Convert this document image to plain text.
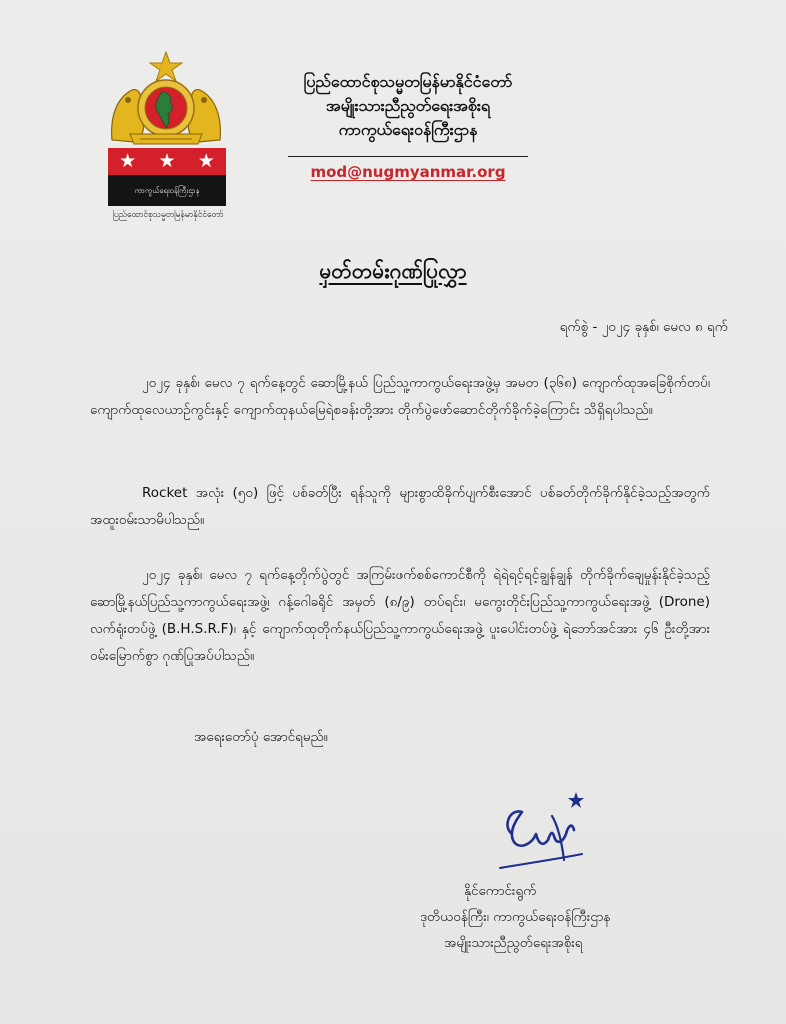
★ ★ ★
ကာကွယ်ရေးဝန်ကြီးဌာန
ပြည်ထောင်စုသမ္မတမြန်မာနိုင်ငံတော်
ပြည်ထောင်စုသမ္မတမြန်မာနိုင်ငံတော်
အမျိုးသားညီညွတ်ရေးအစိုးရ
ကာကွယ်ရေးဝန်ကြီးဌာန
mod@nugmyanmar.org
မှတ်တမ်းဂုဏ်ပြုလွှာ
ရက်စွဲ - ၂၀၂၄ ခုနှစ်၊ မေလ ၈ ရက်
၂၀၂၄ ခုနှစ်၊ မေလ ၇ ရက်နေ့တွင် ဆောမြို့နယ် ပြည်သူ့ကာကွယ်ရေးအဖွဲ့မှ အမတ (၃၆၈) ကျောက်ထုအခြေစိုက်တပ်၊ ကျောက်ထုလေယာဉ်ကွင်းနှင့် ကျောက်ထုနယ်မြေရဲစခန်းတို့အား တိုက်ပွဲဖော်ဆောင်တိုက်ခိုက်ခဲ့ကြောင်း သိရှိရပါသည်။
Rocket အလုံး (၅၀) ဖြင့် ပစ်ခတ်ပြီး ရန်သူကို များစွာထိခိုက်ပျက်စီးအောင် ပစ်ခတ်တိုက်ခိုက်နိုင်ခဲ့သည့်အတွက် အထူးဝမ်းသာမိပါသည်။
၂၀၂၄ ခုနှစ်၊ မေလ ၇ ရက်နေ့တိုက်ပွဲတွင် အကြမ်းဖက်စစ်ကောင်စီကို ရဲရဲရင့်ရင့်ချွန်ချွန် တိုက်ခိုက်ချေမှုန်းနိုင်ခဲ့သည့် ဆောမြို့နယ်ပြည်သူ့ကာကွယ်ရေးအဖွဲ့၊ ဂန့်ဂေါခရိုင် အမှတ် (၈/၉) တပ်ရင်း၊ မကွေးတိုင်းပြည်သူ့ကာကွယ်ရေးအဖွဲ့ (Drone) လက်ရုံးတပ်ဖွဲ့ (B.H.S.R.F)၊ နှင့် ကျောက်ထုတိုက်နယ်ပြည်သူ့ကာကွယ်ရေးအဖွဲ့ ပူးပေါင်းတပ်ဖွဲ့ ရဲဘော်အင်အား ၄၆ ဦးတို့အား ဝမ်းမြောက်စွာ ဂုဏ်ပြုအပ်ပါသည်။
အရေးတော်ပုံ အောင်ရမည်။
နိုင်ကောင်းရွက်
ဒုတိယဝန်ကြီး၊ ကာကွယ်ရေးဝန်ကြီးဌာန
အမျိုးသားညီညွတ်ရေးအစိုးရ
